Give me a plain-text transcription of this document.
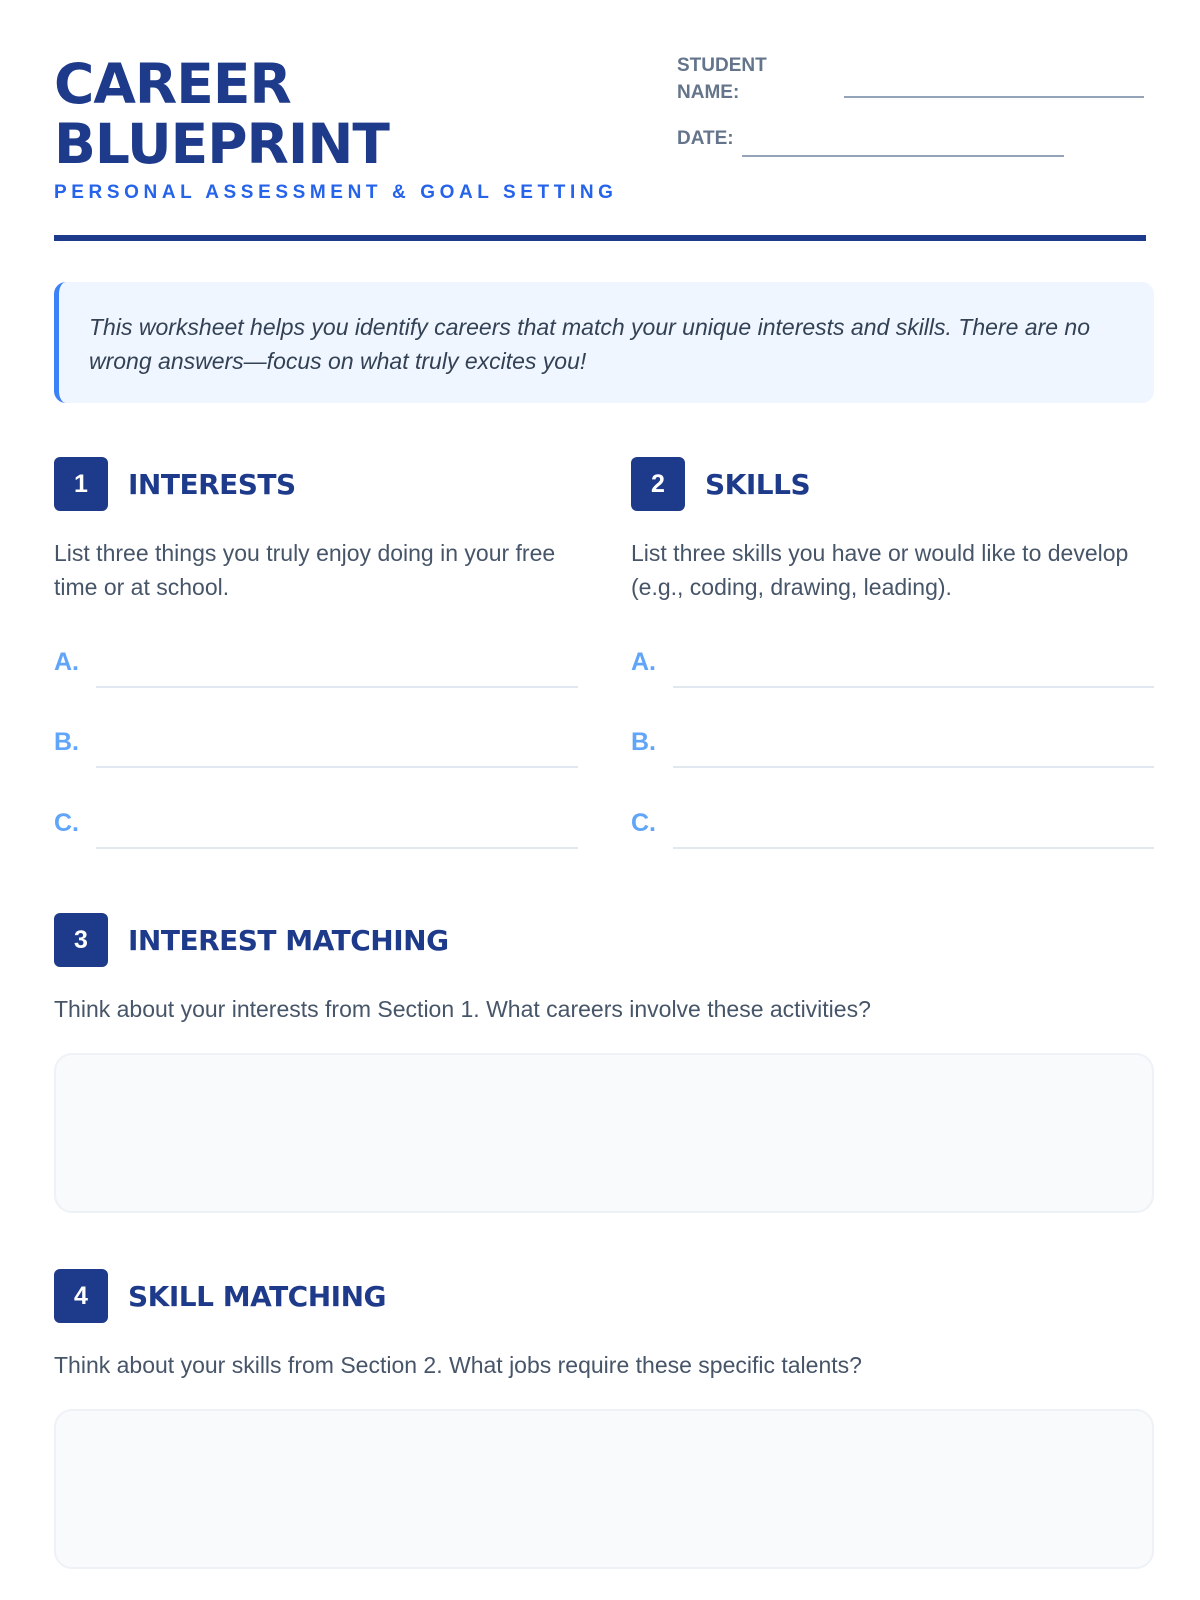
CAREER
BLUEPRINT
PERSONAL ASSESSMENT & GOAL SETTING
STUDENT NAME:
DATE:
This worksheet helps you identify careers that match your unique interests and skills. There are no wrong answers—focus on what truly excites you!
1	INTERESTS
List three things you truly enjoy doing in your free time or at school.
A.
B.
C.
2	SKILLS
List three skills you have or would like to develop (e.g., coding, drawing, leading).
A.
B.
C.
3	INTEREST MATCHING
Think about your interests from Section 1. What careers involve these activities?
4	SKILL MATCHING
Think about your skills from Section 2. What jobs require these specific talents?
